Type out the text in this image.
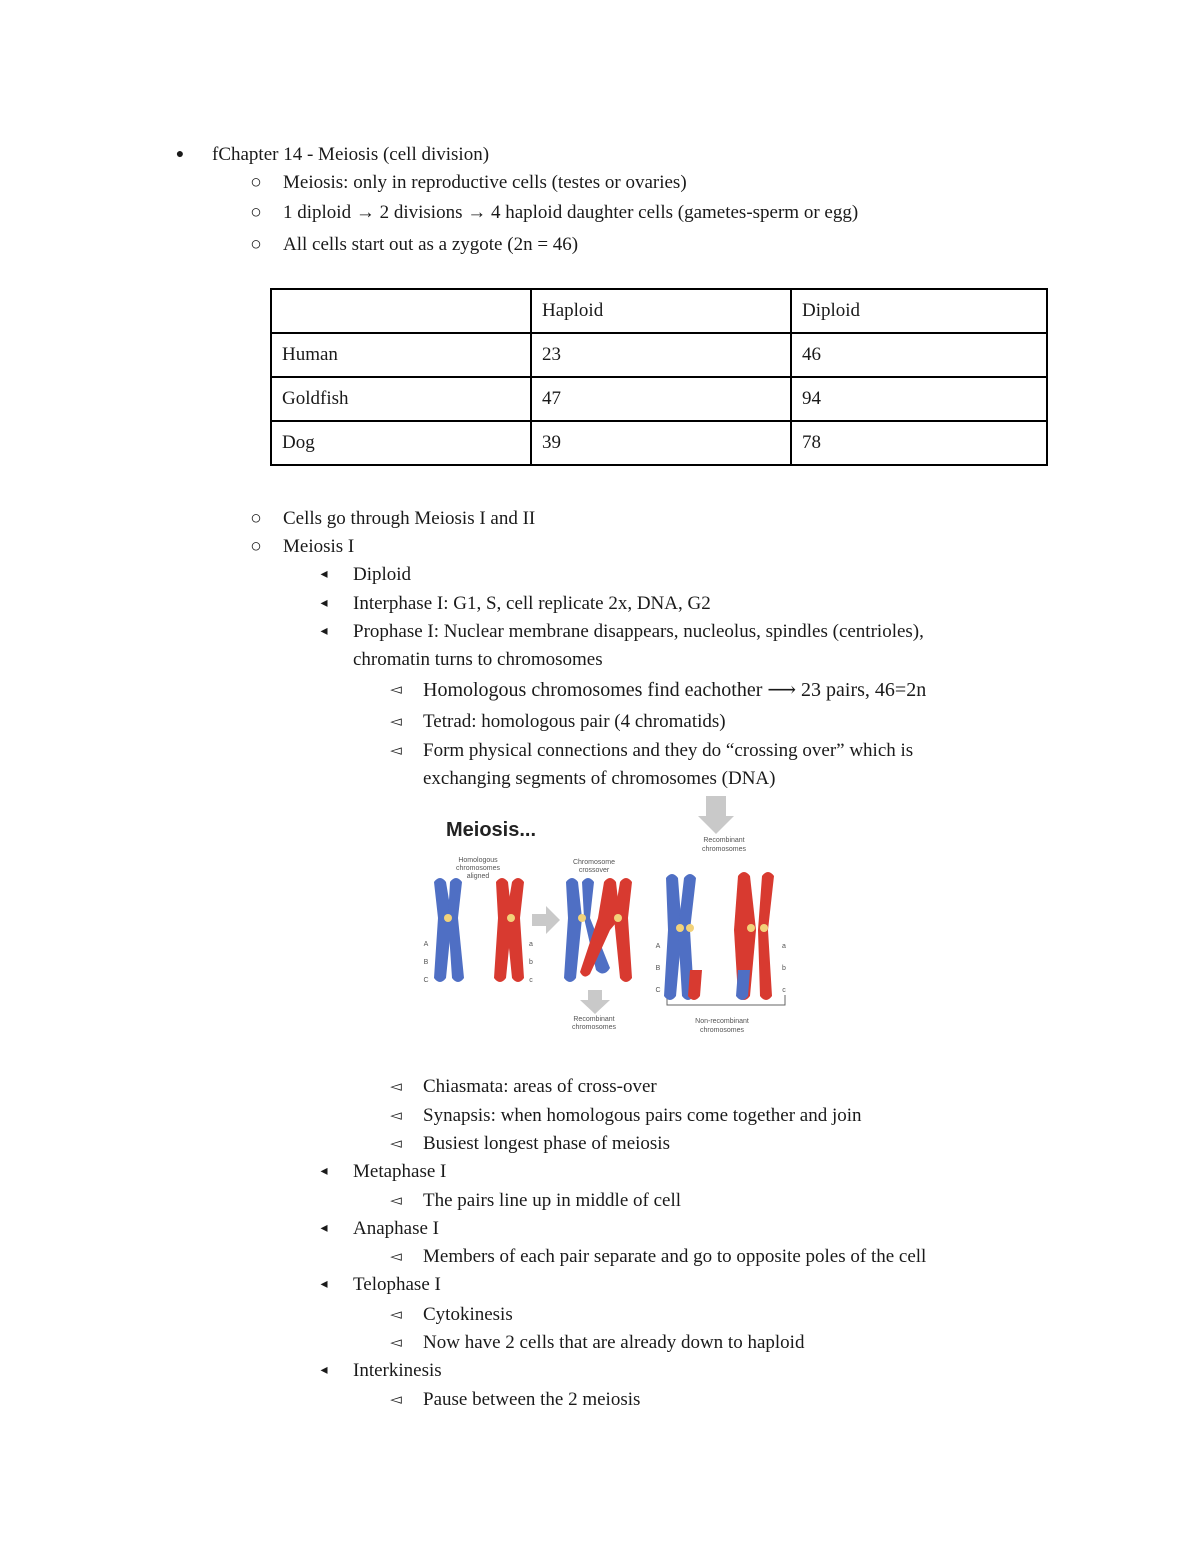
●	fChapter 14 - Meiosis (cell division)
○ Meiosis: only in reproductive cells (testes or ovaries)
○ 1 diploid → 2 divisions → 4 haploid daughter cells (gametes-sperm or egg)
○ All cells start out as a zygote (2n = 46)
	Haploid	Diploid
Human	23	46
Goldfish	47	94
Dog	39	78
○ Cells go through Meiosis I and II
○ Meiosis I
◂	Diploid
◂	Interphase I: G1, S, cell replicate 2x, DNA, G2
◂	Prophase I: Nuclear membrane disappears, nucleolus, spindles (centrioles),
chromatin turns to chromosomes
◅ Homologous chromosomes find eachother ⟶ 23 pairs, 46=2n
◅ Tetrad: homologous pair (4 chromatids)
◅ Form physical connections and they do “crossing over” which is
exchanging segments of chromosomes (DNA)
Meiosis...
Homologous
chromosomes
aligned
Chromosome
crossover
Recombinant
chromosomes
Recombinant
chromosomes
Non-recombinant
chromosomes
A
B
C
a
b
c
A
B
C
a
b
c
◅ Chiasmata: areas of cross-over
◅ Synapsis: when homologous pairs come together and join
◅ Busiest longest phase of meiosis
◂	Metaphase I
◅ The pairs line up in middle of cell
◂	Anaphase I
◅ Members of each pair separate and go to opposite poles of the cell
◂	Telophase I
◅ Cytokinesis
◅ Now have 2 cells that are already down to haploid
◂	Interkinesis
◅ Pause between the 2 meiosis
